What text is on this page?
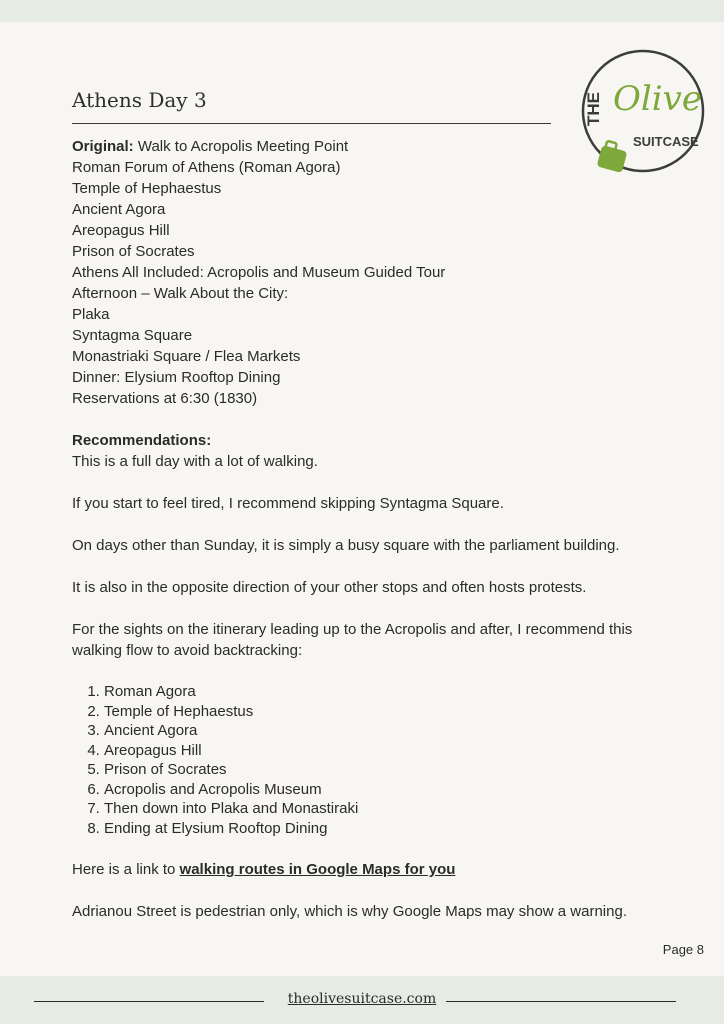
Athens Day 3	THE Olive
SUITCASE

Original: Walk to Acropolis Meeting Point

Roman Forum of Athens (Roman Agora)

Temple of Hephaestus

Ancient Agora

Areopagus Hill

Prison of Socrates

Athens All Included: Acropolis and Museum Guided Tour

Afternoon – Walk About the City:

Plaka

Syntagma Square

Monastriaki Square / Flea Markets

Dinner: Elysium Rooftop Dining

Reservations at 6:30 (1830)

Recommendations:

This is a full day with a lot of walking.

If you start to feel tired, I recommend skipping Syntagma Square.

On days other than Sunday, it is simply a busy square with the parliament building.

It is also in the opposite direction of your other stops and often hosts protests.

For the sights on the itinerary leading up to the Acropolis and after, I recommend this walking flow to avoid backtracking:

1. Roman Agora
2. Temple of Hephaestus
3. Ancient Agora
4. Areopagus Hill
5. Prison of Socrates
6. Acropolis and Acropolis Museum
7. Then down into Plaka and Monastiraki
8. Ending at Elysium Rooftop Dining

Here is a link to walking routes in Google Maps for you

Adrianou Street is pedestrian only, which is why Google Maps may show a warning.

Page 8
theolivesuitcase.com
